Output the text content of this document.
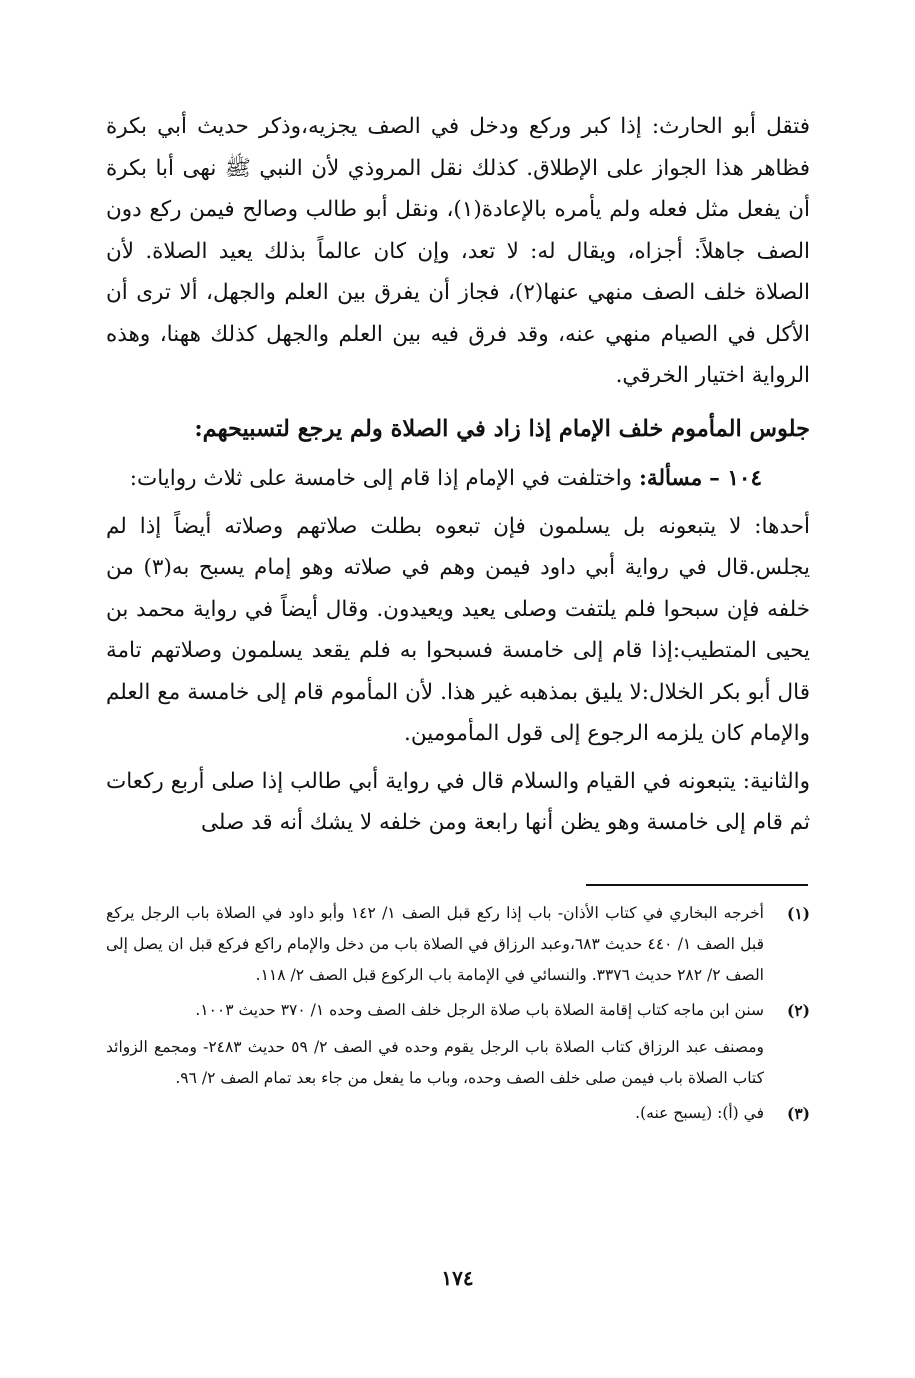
فتقل أبو الحارث: إذا كبر وركع ودخل في الصف يجزيه،وذكر حديث أبي بكرة فظاهر هذا الجواز على الإطلاق. كذلك نقل المروذي لأن النبي ﷺ نهى أبا بكرة أن يفعل مثل فعله ولم يأمره بالإعادة(١)، ونقل أبو طالب وصالح فيمن ركع دون الصف جاهلاً: أجزاه، ويقال له: لا تعد، وإن كان عالماً بذلك يعيد الصلاة. لأن الصلاة خلف الصف منهي عنها(٢)، فجاز أن يفرق بين العلم والجهل، ألا ترى أن الأكل في الصيام منهي عنه، وقد فرق فيه بين العلم والجهل كذلك ههنا، وهذه الرواية اختيار الخرقي.

جلوس المأموم خلف الإمام إذا زاد في الصلاة ولم يرجع لتسبيحهم:

١٠٤ – مسألة: واختلفت في الإمام إذا قام إلى خامسة على ثلاث روايات:

أحدها: لا يتبعونه بل يسلمون فإن تبعوه بطلت صلاتهم وصلاته أيضاً إذا لم يجلس.قال في رواية أبي داود فيمن وهم في صلاته وهو إمام يسبح به(٣) من خلفه فإن سبحوا فلم يلتفت وصلى يعيد ويعيدون. وقال أيضاً في رواية محمد بن يحيى المتطيب:إذا قام إلى خامسة فسبحوا به فلم يقعد يسلمون وصلاتهم تامة قال أبو بكر الخلال:لا يليق بمذهبه غير هذا. لأن المأموم قام إلى خامسة مع العلم والإمام كان يلزمه الرجوع إلى قول المأمومين.

والثانية: يتبعونه في القيام والسلام قال في رواية أبي طالب إذا صلى أربع ركعات ثم قام إلى خامسة وهو يظن أنها رابعة ومن خلفه لا يشك أنه قد صلى

(١)
أخرجه البخاري في كتاب الأذان- باب إذا ركع قبل الصف ١/ ١٤٢ وأبو داود في الصلاة باب الرجل يركع قبل الصف ١/ ٤٤٠ حديث ٦٨٣،وعبد الرزاق في الصلاة باب من دخل والإمام راكع فركع قبل ان يصل إلى الصف ٢/ ٢٨٢ حديث ٣٣٧٦. والنسائي في الإمامة باب الركوع قبل الصف ٢/ ١١٨.
(٢)
سنن ابن ماجه كتاب إقامة الصلاة باب صلاة الرجل خلف الصف وحده ١/ ٣٧٠ حديث ١٠٠٣.
ومصنف عبد الرزاق كتاب الصلاة باب الرجل يقوم وحده في الصف ٢/ ٥٩ حديث ٢٤٨٣- ومجمع الزوائد كتاب الصلاة باب فيمن صلى خلف الصف وحده، وباب ما يفعل من جاء بعد تمام الصف ٢/ ٩٦.
(٣)
في (أ): (يسبح عنه).
١٧٤
